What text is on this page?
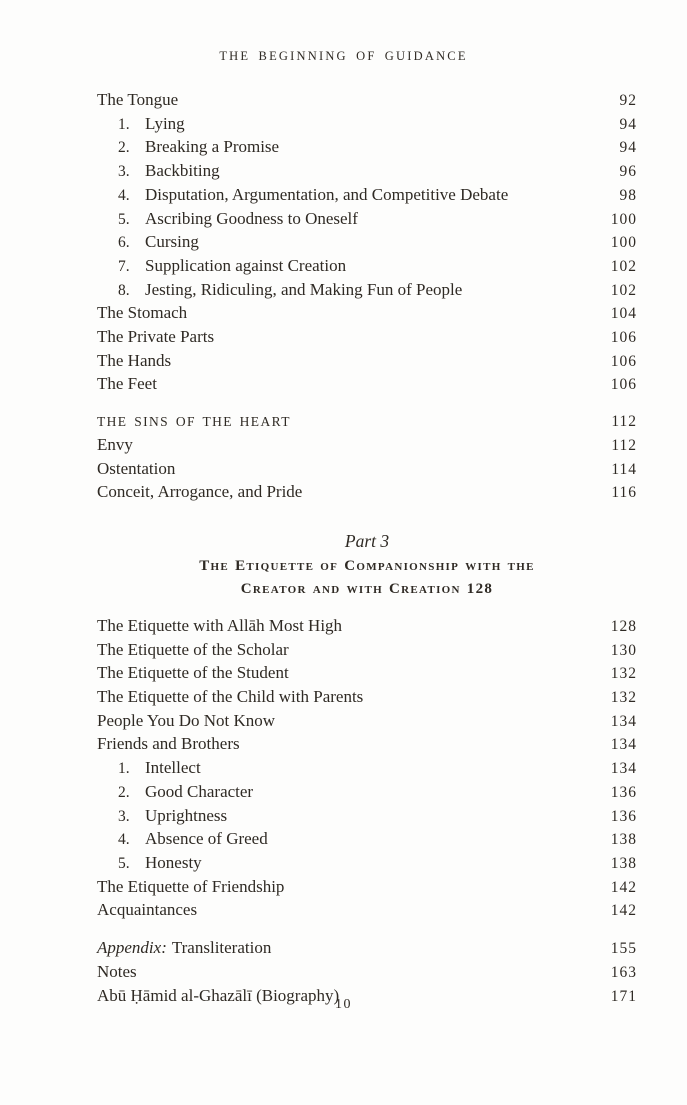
THE BEGINNING OF GUIDANCE
The Tongue	92
1. Lying	94
2. Breaking a Promise	94
3. Backbiting	96
4. Disputation, Argumentation, and Competitive Debate	98
5. Ascribing Goodness to Oneself	100
6. Cursing	100
7. Supplication against Creation	102
8. Jesting, Ridiculing, and Making Fun of People	102
The Stomach	104
The Private Parts	106
The Hands	106
The Feet	106
THE SINS OF THE HEART	112
Envy	112
Ostentation	114
Conceit, Arrogance, and Pride	116
Part 3
The Etiquette of Companionship with the
Creator and with Creation 128
The Etiquette with Allāh Most High	128
The Etiquette of the Scholar	130
The Etiquette of the Student	132
The Etiquette of the Child with Parents	132
People You Do Not Know	134
Friends and Brothers	134
1. Intellect	134
2. Good Character	136
3. Uprightness	136
4. Absence of Greed	138
5. Honesty	138
The Etiquette of Friendship	142
Acquaintances	142
Appendix: Transliteration	155
Notes	163
Abū Ḥāmid al-Ghazālī (Biography)	171
10
